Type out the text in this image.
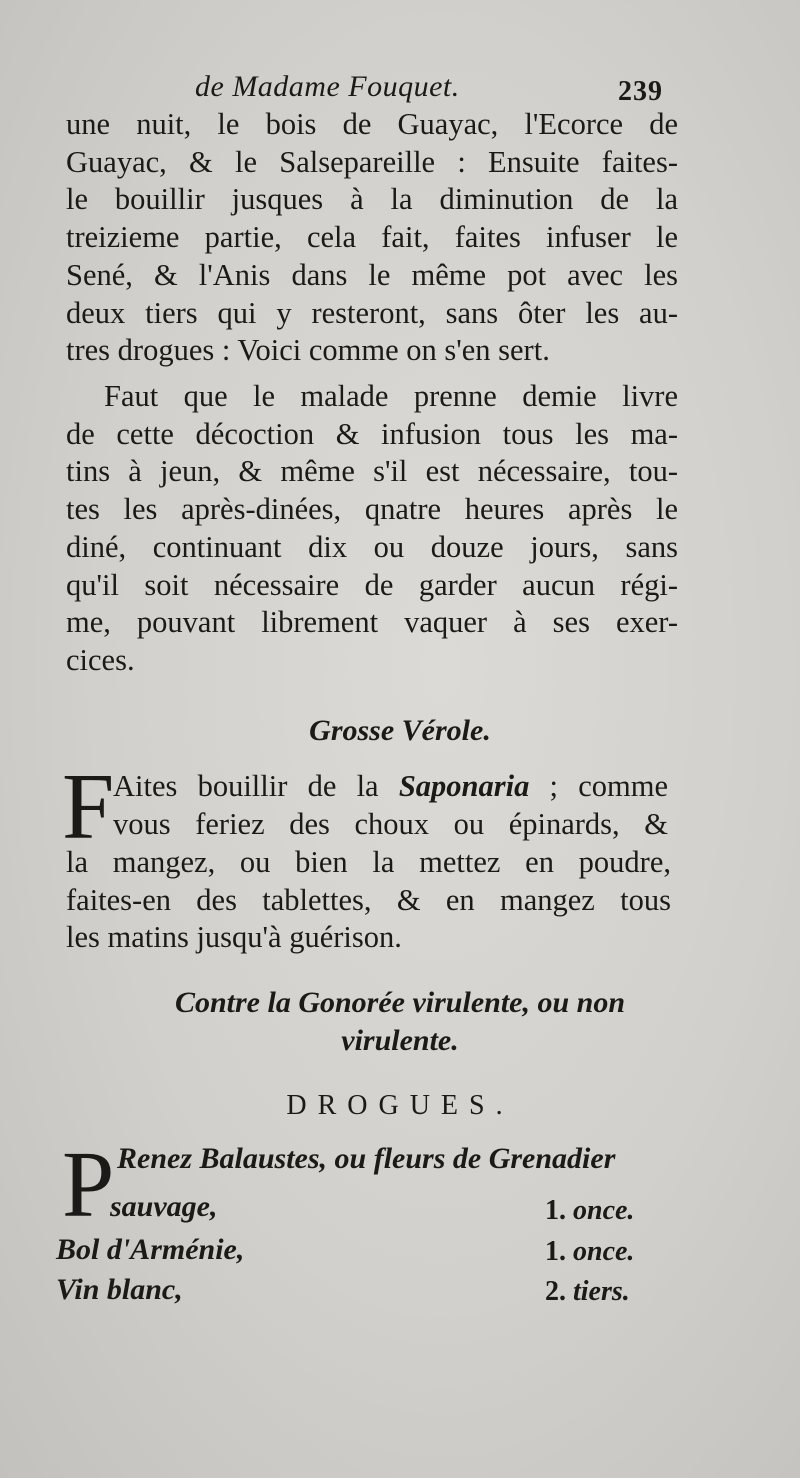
de Madame Fouquet.	239
une nuit, le bois de Guayac, l'Ecorce de
Guayac, & le Salsepareille : Ensuite faites-
le bouillir jusques à la diminution de la
treizieme partie, cela fait, faites infuser le
Sené, & l'Anis dans le même pot avec les
deux tiers qui y resteront, sans ôter les au-
tres drogues : Voici comme on s'en sert.
Faut que le malade prenne demie livre
de cette décoction & infusion tous les ma-
tins à jeun, & même s'il est nécessaire, tou-
tes les après-dinées, qnatre heures après le
diné, continuant dix ou douze jours, sans
qu'il soit nécessaire de garder aucun régi-
me, pouvant librement vaquer à ses exer-
cices.
Grosse Vérole.
F
Aites bouillir de la Saponaria ; comme
vous feriez des choux ou épinards, &
la mangez, ou bien la mettez en poudre,
faites-en des tablettes, & en mangez tous
les matins jusqu'à guérison.
Contre la Gonorée virulente, ou non
virulente.
DROGUES.
P Renez Balaustes, ou fleurs de Grenadier
sauvage,	1. once.
Bol d'Arménie,	1. once.
Vin blanc,	2. tiers.
